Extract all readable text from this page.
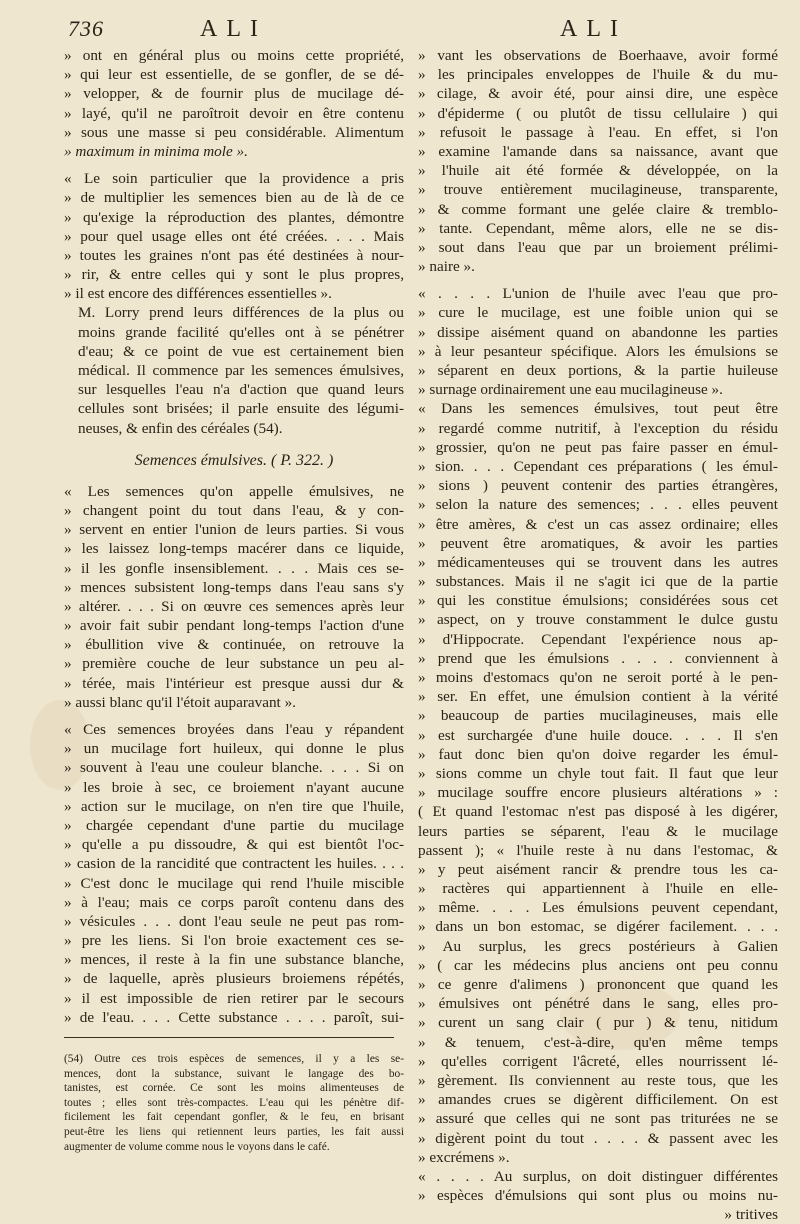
736	ALI	ALI
» ont en général plus ou moins cette propriété,
» qui leur est essentielle, de se gonfler, de se dé-
» velopper, & de fournir plus de mucilage dé-
» layé, qu'il ne paroîtroit devoir en être contenu
» sous une masse si peu considérable. Alimentum
» maximum in minima mole ».
« Le soin particulier que la providence a pris
» de multiplier les semences bien au de là de ce
» qu'exige la réproduction des plantes, démontre
» pour quel usage elles ont été créées. . . . Mais
» toutes les graines n'ont pas été destinées à nour-
» rir, & entre celles qui y sont le plus propres,
» il est encore des différences essentielles ».
M. Lorry prend leurs différences de la plus ou
moins grande facilité qu'elles ont à se pénétrer
d'eau; & ce point de vue est certainement bien
médical. Il commence par les semences émulsives,
sur lesquelles l'eau n'a d'action que quand leurs
cellules sont brisées; il parle ensuite des légumi-
neuses, & enfin des céréales (54).
Semences émulsives. ( P. 322. )
« Les semences qu'on appelle émulsives, ne
» changent point du tout dans l'eau, & y con-
» servent en entier l'union de leurs parties. Si vous
» les laissez long-temps macérer dans ce liquide,
» il les gonfle insensiblement. . . . Mais ces se-
» mences subsistent long-temps dans l'eau sans s'y
» altérer. . . . Si on œuvre ces semences après leur
» avoir fait subir pendant long-temps l'action d'une
» ébullition vive & continuée, on retrouve la
» première couche de leur substance un peu al-
» térée, mais l'intérieur est presque aussi dur &
» aussi blanc qu'il l'étoit auparavant ».
« Ces semences broyées dans l'eau y répandent
» un mucilage fort huileux, qui donne le plus
» souvent à l'eau une couleur blanche. . . . Si on
» les broie à sec, ce broiement n'ayant aucune
» action sur le mucilage, on n'en tire que l'huile,
» chargée cependant d'une partie du mucilage
» qu'elle a pu dissoudre, & qui est bientôt l'oc-
» casion de la rancidité que contractent les huiles. . . .
» C'est donc le mucilage qui rend l'huile miscible
» à l'eau; mais ce corps paroît contenu dans des
» vésicules . . . dont l'eau seule ne peut pas rom-
» pre les liens. Si l'on broie exactement ces se-
» mences, il reste à la fin une substance blanche,
» de laquelle, après plusieurs broiemens répétés,
» il est impossible de rien retirer par le secours
» de l'eau. . . . Cette substance . . . . paroît, sui-
(54) Outre ces trois espèces de semences, il y a les se-
mences, dont la substance, suivant le langage des bo-
tanistes, est cornée. Ce sont les moins alimenteuses de
toutes ; elles sont très-compactes. L'eau qui les pénètre dif-
ficilement les fait cependant gonfler, & le feu, en brisant
peut-être les liens qui retiennent leurs parties, les fait aussi
augmenter de volume comme nous le voyons dans le café.
» vant les observations de Boerhaave, avoir formé
» les principales enveloppes de l'huile & du mu-
» cilage, & avoir été, pour ainsi dire, une espèce
» d'épiderme ( ou plutôt de tissu cellulaire ) qui
» refusoit le passage à l'eau. En effet, si l'on
» examine l'amande dans sa naissance, avant que
» l'huile ait été formée & développée, on la
» trouve entièrement mucilagineuse, transparente,
» & comme formant une gelée claire & tremblo-
» tante. Cependant, même alors, elle ne se dis-
» sout dans l'eau que par un broiement prélimi-
» naire ».
« . . . . L'union de l'huile avec l'eau que pro-
» cure le mucilage, est une foible union qui se
» dissipe aisément quand on abandonne les parties
» à leur pesanteur spécifique. Alors les émulsions se
» séparent en deux portions, & la partie huileuse
» surnage ordinairement une eau mucilagineuse ».
« Dans les semences émulsives, tout peut être
» regardé comme nutritif, à l'exception du résidu
» grossier, qu'on ne peut pas faire passer en émul-
» sion. . . . Cependant ces préparations ( les émul-
» sions ) peuvent contenir des parties étrangères,
» selon la nature des semences; . . . elles peuvent
» être amères, & c'est un cas assez ordinaire; elles
» peuvent être aromatiques, & avoir les parties
» médicamenteuses qui se trouvent dans les autres
» substances. Mais il ne s'agit ici que de la partie
» qui les constitue émulsions; considérées sous cet
» aspect, on y trouve constamment le dulce gustu
» d'Hippocrate. Cependant l'expérience nous ap-
» prend que les émulsions . . . . conviennent à
» moins d'estomacs qu'on ne seroit porté à le pen-
» ser. En effet, une émulsion contient à la vérité
» beaucoup de parties mucilagineuses, mais elle
» est surchargée d'une huile douce. . . . Il s'en
» faut donc bien qu'on doive regarder les émul-
» sions comme un chyle tout fait. Il faut que leur
» mucilage souffre encore plusieurs altérations » :
( Et quand l'estomac n'est pas disposé à les digérer,
leurs parties se séparent, l'eau & le mucilage
passent ); « l'huile reste à nu dans l'estomac, &
» y peut aisément rancir & prendre tous les ca-
» ractères qui appartiennent à l'huile en elle-
» même. . . . Les émulsions peuvent cependant,
» dans un bon estomac, se digérer facilement. . . .
» Au surplus, les grecs postérieurs à Galien
» ( car les médecins plus anciens ont peu connu
» ce genre d'alimens ) prononcent que quand les
» émulsives ont pénétré dans le sang, elles pro-
» curent un sang clair ( pur ) & tenu, nitidum
» & tenuem, c'est-à-dire, qu'en même temps
» qu'elles corrigent l'âcreté, elles nourrissent lé-
» gèrement. Ils conviennent au reste tous, que les
» amandes crues se digèrent difficilement. On est
» assuré que celles qui ne sont pas triturées ne se
» digèrent point du tout . . . . & passent avec les
» excrémens ».
« . . . . Au surplus, on doit distinguer différentes
» espèces d'émulsions qui sont plus ou moins nu-
» tritives
